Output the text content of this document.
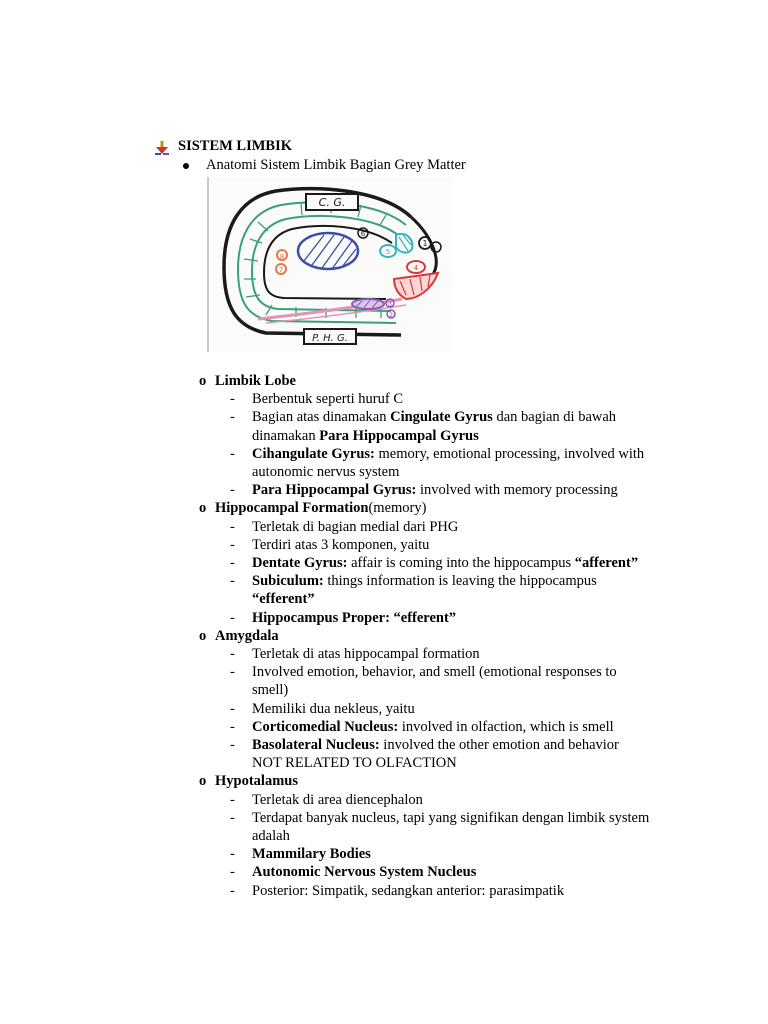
SISTEM LIMBIK
Anatomi Sistem Limbik Bagian Grey Matter
C. G.
P. H. G.
8
7
6
1
5
4
3
2
o Limbik Lobe
-	Berbentuk seperti huruf C
-	Bagian atas dinamakan Cingulate Gyrus dan bagian di bawah dinamakan Para Hippocampal Gyrus
-	Cihangulate Gyrus: memory, emotional processing, involved with autonomic nervus system
-	Para Hippocampal Gyrus: involved with memory processing
o Hippocampal Formation (memory)
-	Terletak di bagian medial dari PHG
-	Terdiri atas 3 komponen, yaitu
-	Dentate Gyrus: affair is coming into the hippocampus “afferent”
-	Subiculum: things information is leaving the hippocampus “efferent”
-	Hippocampus Proper: “efferent”
o Amygdala
-	Terletak di atas hippocampal formation
-	Involved emotion, behavior, and smell (emotional responses to smell)
-	Memiliki dua nekleus, yaitu
-	Corticomedial Nucleus: involved in olfaction, which is smell
-	Basolateral Nucleus: involved the other emotion and behavior NOT RELATED TO OLFACTION
o Hypotalamus
-	Terletak di area diencephalon
-	Terdapat banyak nucleus, tapi yang signifikan dengan limbik system adalah
-	Mammilary Bodies
-	Autonomic Nervous System Nucleus
-	Posterior: Simpatik, sedangkan anterior: parasimpatik
